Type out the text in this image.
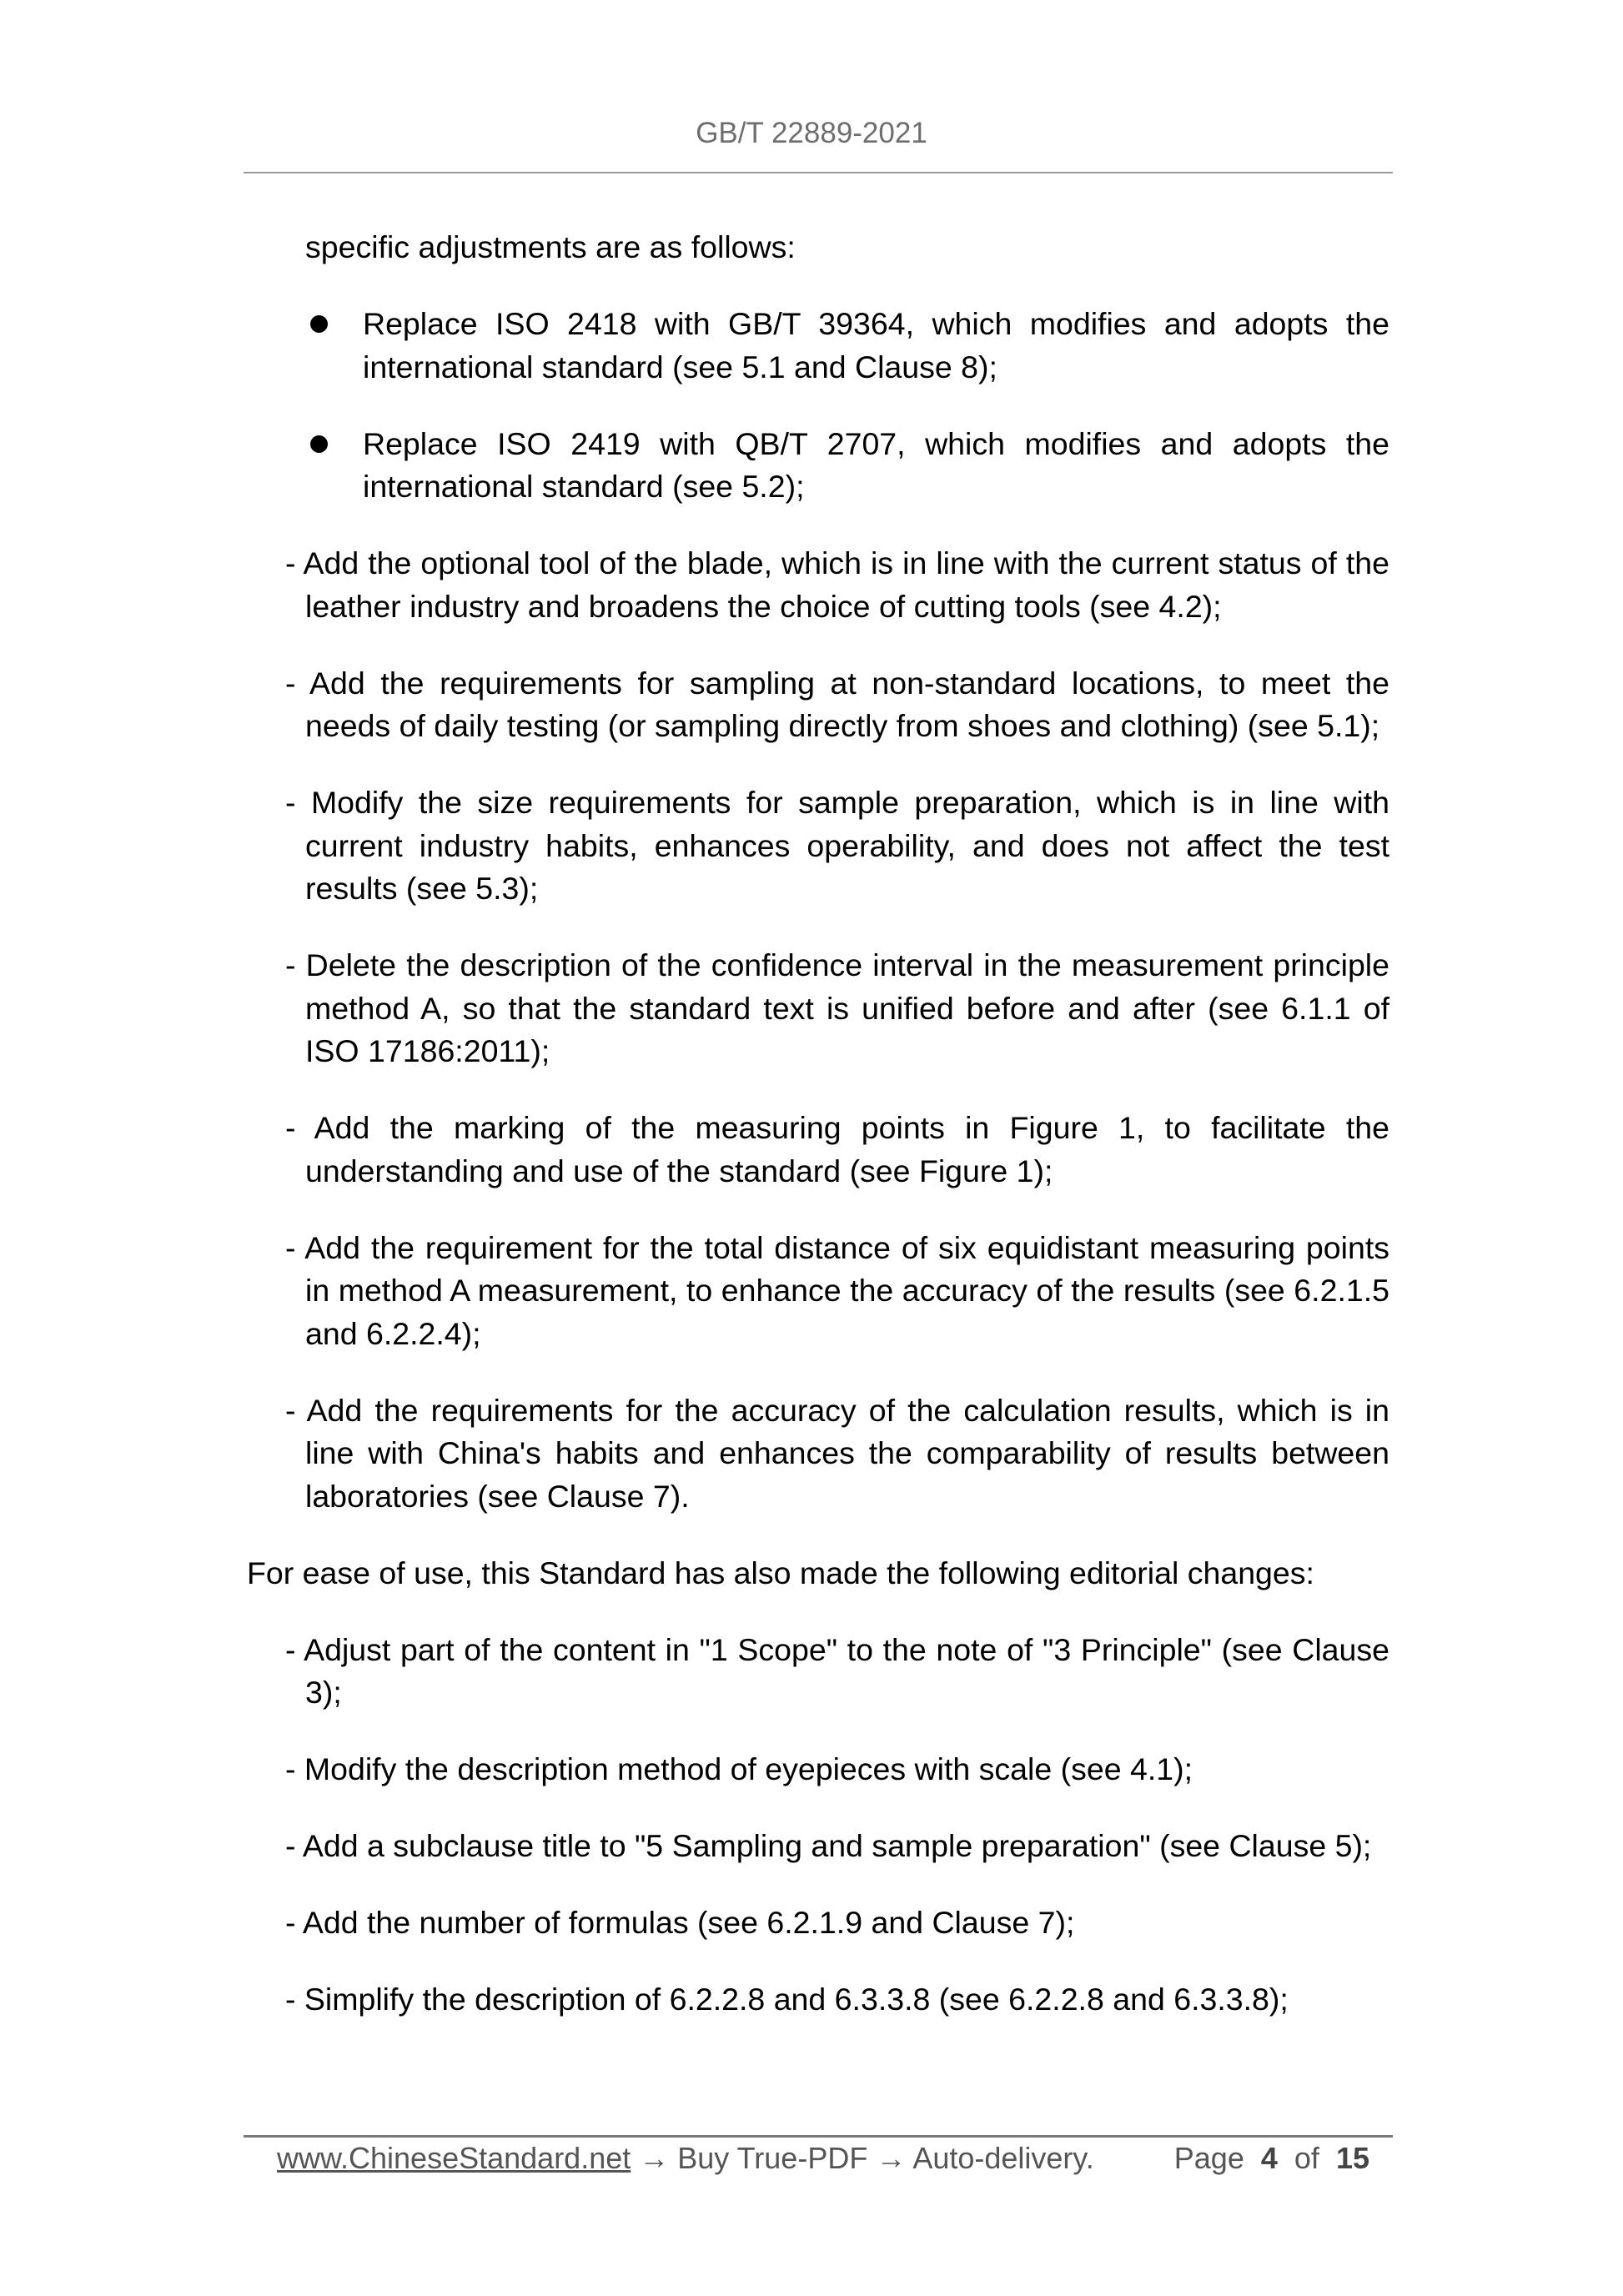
GB/T 22889-2021

specific adjustments are as follows:

Replace ISO 2418 with GB/T 39364, which modifies and adopts the international standard (see 5.1 and Clause 8);
Replace ISO 2419 with QB/T 2707, which modifies and adopts the international standard (see 5.2);

- Add the optional tool of the blade, which is in line with the current status of the leather industry and broadens the choice of cutting tools (see 4.2);

- Add the requirements for sampling at non-standard locations, to meet the needs of daily testing (or sampling directly from shoes and clothing) (see 5.1);

- Modify the size requirements for sample preparation, which is in line with current industry habits, enhances operability, and does not affect the test results (see 5.3);

- Delete the description of the confidence interval in the measurement principle method A, so that the standard text is unified before and after (see 6.1.1 of ISO 17186:2011);

- Add the marking of the measuring points in Figure 1, to facilitate the understanding and use of the standard (see Figure 1);

- Add the requirement for the total distance of six equidistant measuring points in method A measurement, to enhance the accuracy of the results (see 6.2.1.5 and 6.2.2.4);

- Add the requirements for the accuracy of the calculation results, which is in line with China's habits and enhances the comparability of results between laboratories (see Clause 7).

For ease of use, this Standard has also made the following editorial changes:

- Adjust part of the content in "1 Scope" to the note of "3 Principle" (see Clause 3);

- Modify the description method of eyepieces with scale (see 4.1);

- Add a subclause title to "5 Sampling and sample preparation" (see Clause 5);

- Add the number of formulas (see 6.2.1.9 and Clause 7);

- Simplify the description of 6.2.2.8 and 6.3.3.8 (see 6.2.2.8 and 6.3.3.8);

www.ChineseStandard.net → Buy True-PDF → Auto-delivery.	Page 4 of 15
